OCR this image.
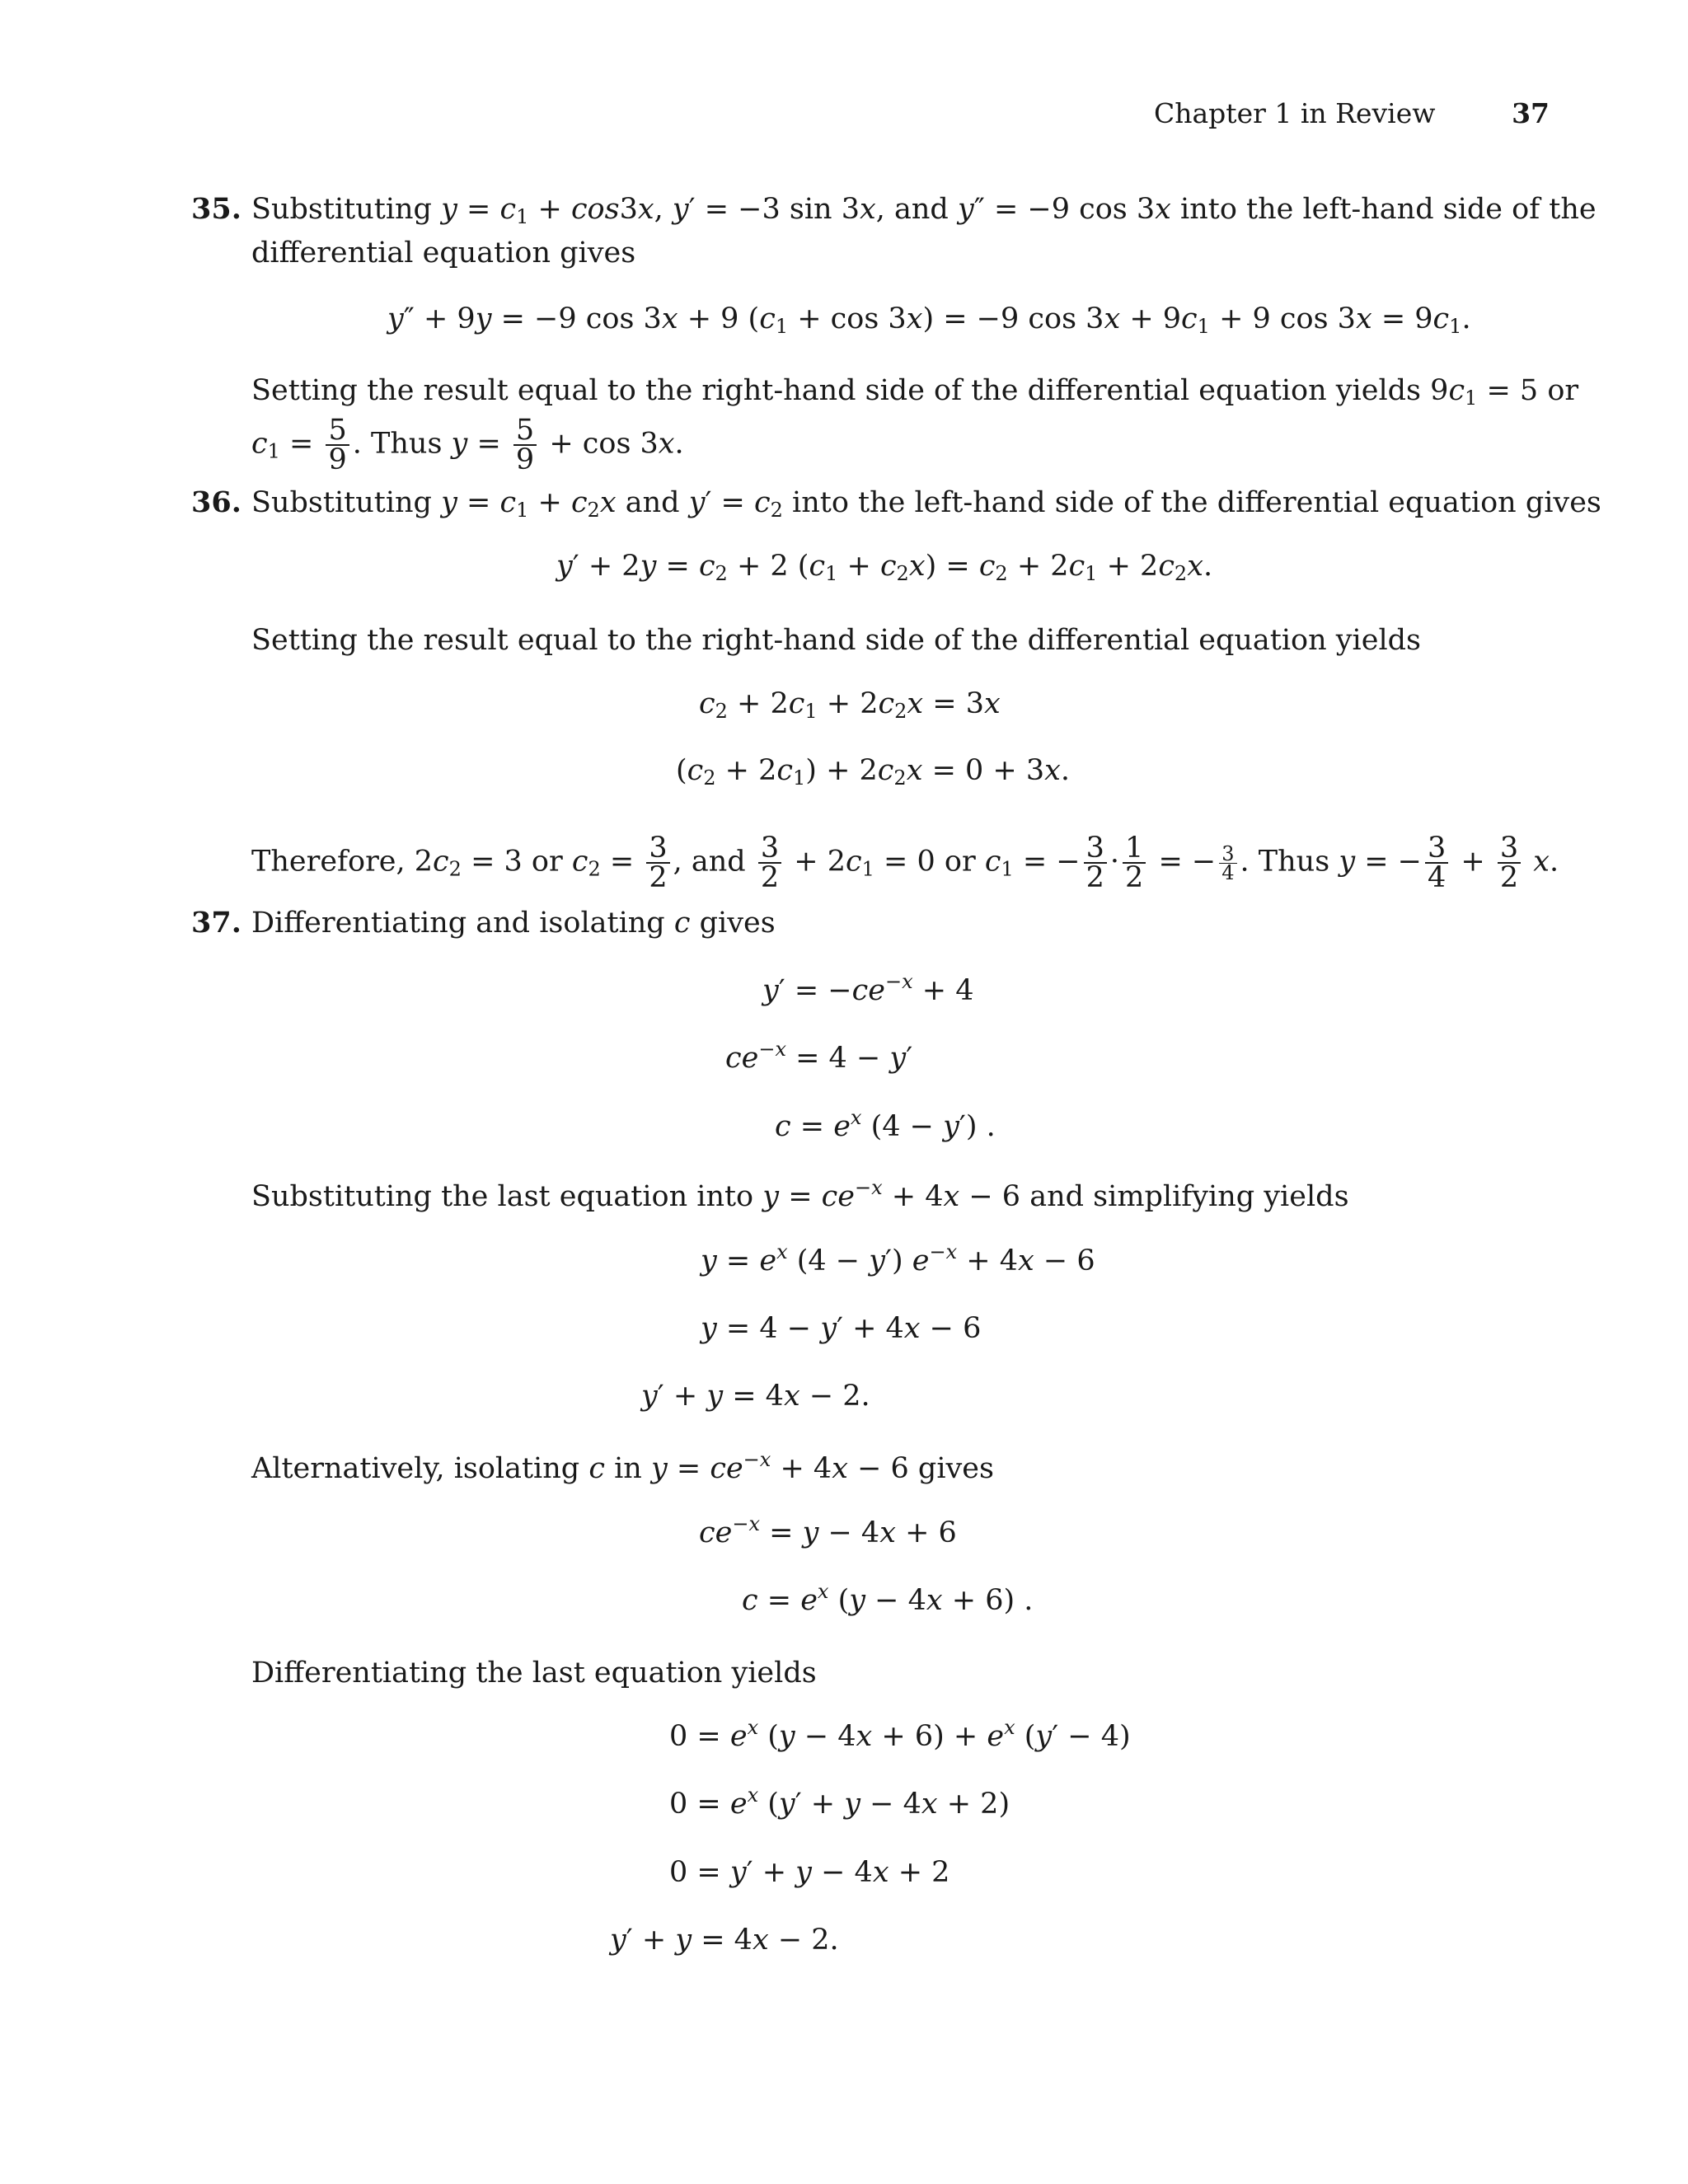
Chapter 1 in Review	37
35. Substituting $y = c_1 + \cos 3x$, y′ = −3 sin 3x, and y″ = −9 cos 3x into the left-hand side of the
differential equation gives
y″ + 9y = −9 cos 3x + 9 $(c_1 + \cos 3x) = -9$ $\cos 3x + 9c_1 + 9$ $\cos 3x = 9c_1$.
Setting the result equal to the right-hand side of the differential equation yields $9c_1 = 5$ or
$c_1 = \frac{5}{9}$ . Thus $y = \frac{5}{9} + \cos 3x$.
36. Substituting $y = c_1 + c_2x$ and $y' = c_2$ into the left-hand side of the differential equation gives
$y' + 2y = c_2 + 2$ $(c_1 + c_2x) = c_2 + 2c_1 + 2c_2x$.
Setting the result equal to the right-hand side of the differential equation yields
$c_2 + 2c_1 + 2c_2x = 3x$
$(c_2 + 2c_1) + 2c_2x = 0 + 3x$.
Therefore, $2c_2 = 3$ or $c_2 = \frac{3}{2}$ , and $\frac{3}{2} + 2c_1 = 0$ or $c_1$ = − $\frac{3}{2} \cdot \frac{1}{2}$ = − $\frac{3}{4}$ . Thus y = − $\frac{3}{4} + \frac{3}{2} x$.
37. Differentiating and isolating c gives
$y' = -ce^{-x} + 4$
$ce^{-x} = 4 - y'$
$c = e^x$ (4 − y′) .
Substituting the last equation into $y = ce^{-x} + 4x - 6$ and simplifying yields
$y = e^x$ (4 − y′) $e^{-x} + 4x - 6$
y = 4 − y′ + 4x − 6
y′ + y = 4x − 2.
Alternatively, isolating c in $y = ce^{-x} + 4x - 6$ gives
$ce^{-x} = y - 4x + 6$
$c = e^x$ (y − 4x + 6) .
Differentiating the last equation yields
$0 = e^x$ $(y - 4x + 6) + e^x$ (y′ − 4)
$0 = e^x$ (y′ + y − 4x + 2)
0 = y′ + y − 4x + 2
y′ + y = 4x − 2.
